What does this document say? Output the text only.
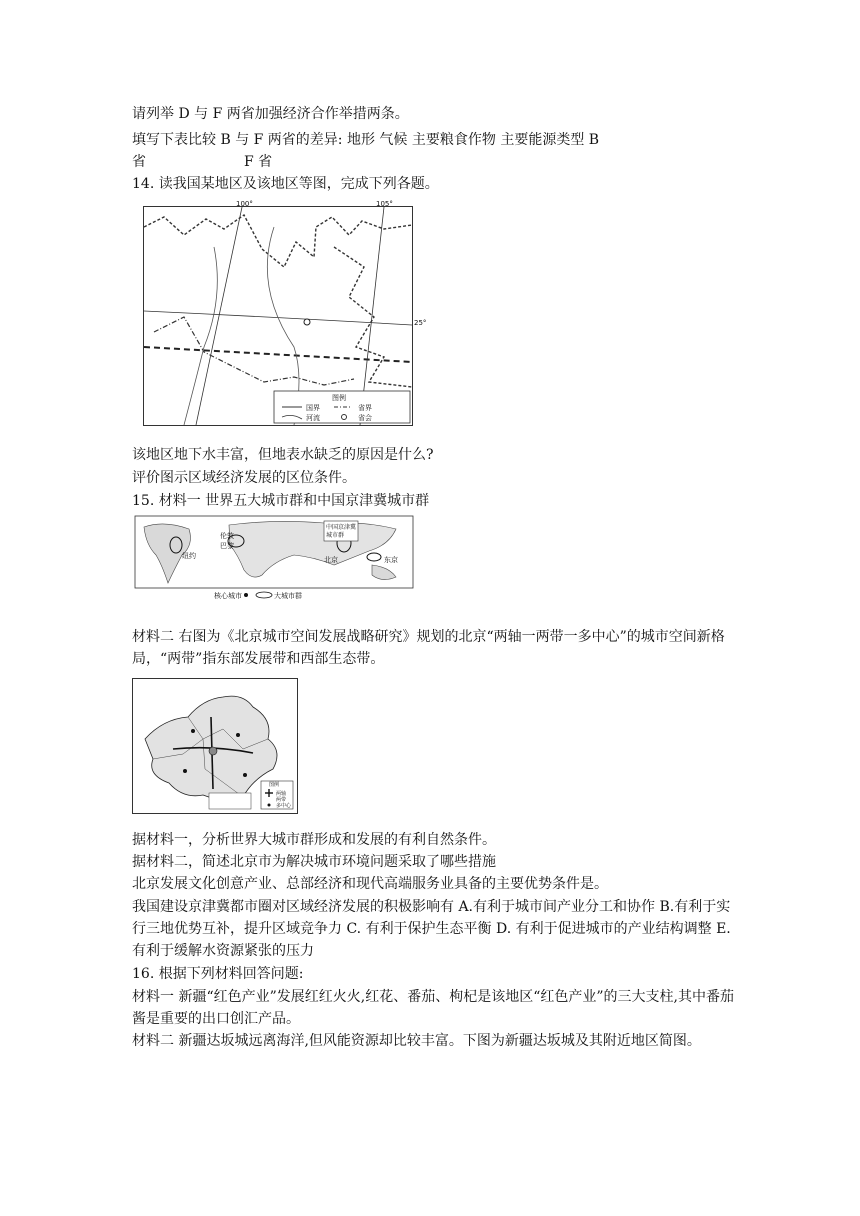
请列举 D 与 F 两省加强经济合作举措两条。
填写下表比较 B 与 F 两省的差异: 地形 气候 主要粮食作物 主要能源类型 B
省	F 省
14. 读我国某地区及该地区等图，完成下列各题。
100°	105°
25°
图例
国界	省界
河流	省会
该地区地下水丰富，但地表水缺乏的原因是什么?
评价图示区域经济发展的区位条件。
15. 材料一 世界五大城市群和中国京津冀城市群
中国京津冀城市群
伦敦
巴黎
纽约	北京	东京
核心城市	大城市群
材料二 右图为《北京城市空间发展战略研究》规划的北京“两轴一两带一多中心”的城市空间新格局，“两带”指东部发展带和西部生态带。
图例
两轴
两带
多中心
据材料一，分析世界大城市群形成和发展的有利自然条件。
据材料二，简述北京市为解决城市环境问题采取了哪些措施
北京发展文化创意产业、总部经济和现代高端服务业具备的主要优势条件是。
我国建设京津冀都市圈对区域经济发展的积极影响有 A.有利于城市间产业分工和协作 B.有利于实行三地优势互补，提升区域竞争力 C. 有利于保护生态平衡 D. 有利于促进城市的产业结构调整 E. 有利于缓解水资源紧张的压力
16. 根据下列材料回答问题:
材料一 新疆“红色产业”发展红红火火,红花、番茄、枸杞是该地区“红色产业”的三大支柱,其中番茄酱是重要的出口创汇产品。
材料二 新疆达坂城远离海洋,但风能资源却比较丰富。下图为新疆达坂城及其附近地区简图。
